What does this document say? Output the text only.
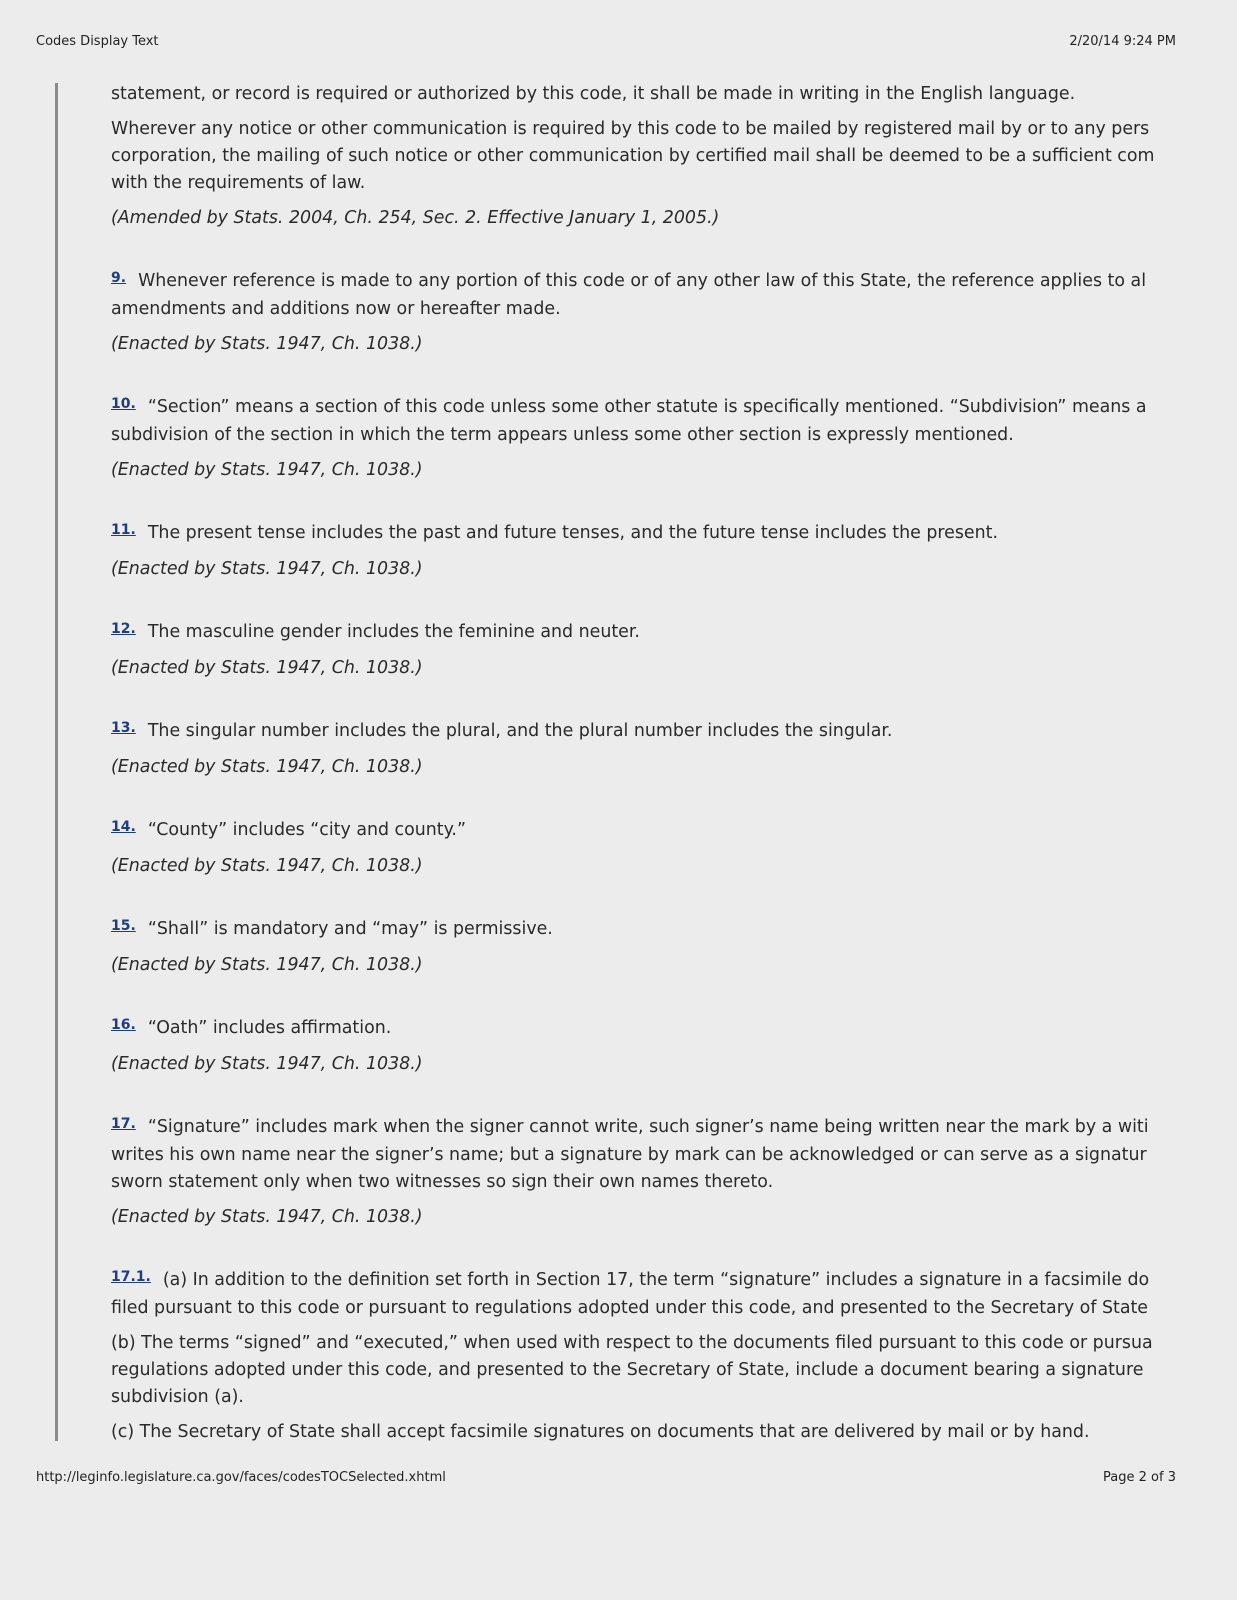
Codes Display Text	2/20/14 9:24 PM
statement, or record is required or authorized by this code, it shall be made in writing in the English language.
Wherever any notice or other communication is required by this code to be mailed by registered mail by or to any pers
corporation, the mailing of such notice or other communication by certified mail shall be deemed to be a sufficient com
with the requirements of law.
(Amended by Stats. 2004, Ch. 254, Sec. 2. Effective January 1, 2005.)
$^{9.}$ Whenever reference is made to any portion of this code or of any other law of this State, the reference applies to al
amendments and additions now or hereafter made.
(Enacted by Stats. 1947, Ch. 1038.)
$^{10.}$ “Section” means a section of this code unless some other statute is specifically mentioned. “Subdivision” means a
subdivision of the section in which the term appears unless some other section is expressly mentioned.
(Enacted by Stats. 1947, Ch. 1038.)
$^{11.}$ The present tense includes the past and future tenses, and the future tense includes the present.
(Enacted by Stats. 1947, Ch. 1038.)
$^{12.}$ The masculine gender includes the feminine and neuter.
(Enacted by Stats. 1947, Ch. 1038.)
$^{13.}$ The singular number includes the plural, and the plural number includes the singular.
(Enacted by Stats. 1947, Ch. 1038.)
$^{14.}$ “County” includes “city and county.”
(Enacted by Stats. 1947, Ch. 1038.)
$^{15.}$ “Shall” is mandatory and “may” is permissive.
(Enacted by Stats. 1947, Ch. 1038.)
$^{16.}$ “Oath” includes affirmation.
(Enacted by Stats. 1947, Ch. 1038.)
$^{17.}$ “Signature” includes mark when the signer cannot write, such signer’s name being written near the mark by a witi
writes his own name near the signer’s name; but a signature by mark can be acknowledged or can serve as a signatur
sworn statement only when two witnesses so sign their own names thereto.
(Enacted by Stats. 1947, Ch. 1038.)
$^{17.1.}$ (a) In addition to the definition set forth in Section 17, the term “signature” includes a signature in a facsimile do
filed pursuant to this code or pursuant to regulations adopted under this code, and presented to the Secretary of State
(b) The terms “signed” and “executed,” when used with respect to the documents filed pursuant to this code or pursua
regulations adopted under this code, and presented to the Secretary of State, include a document bearing a signature
subdivision (a).
(c) The Secretary of State shall accept facsimile signatures on documents that are delivered by mail or by hand.
http://leginfo.legislature.ca.gov/faces/codesTOCSelected.xhtml	Page 2 of 3
